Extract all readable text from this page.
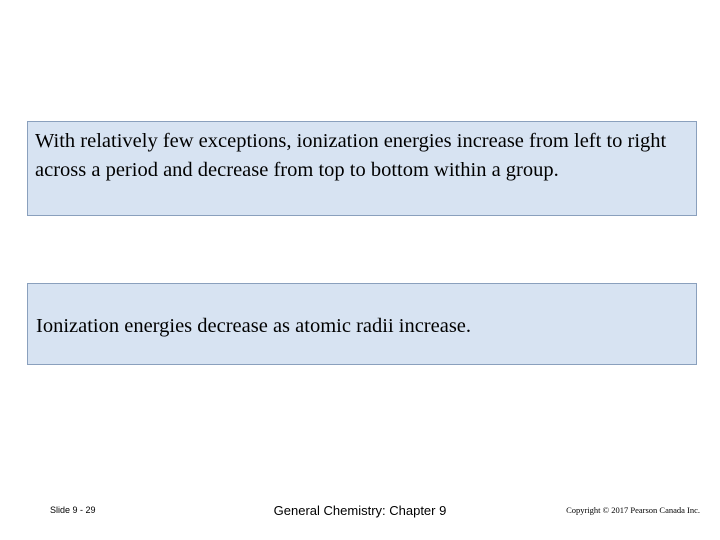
With relatively few exceptions, ionization energies increase from left to right across a period and decrease from top to bottom within a group.

Ionization energies decrease as atomic radii increase.

Slide 9 - 29	General Chemistry: Chapter 9	Copyright © 2017 Pearson Canada Inc.
